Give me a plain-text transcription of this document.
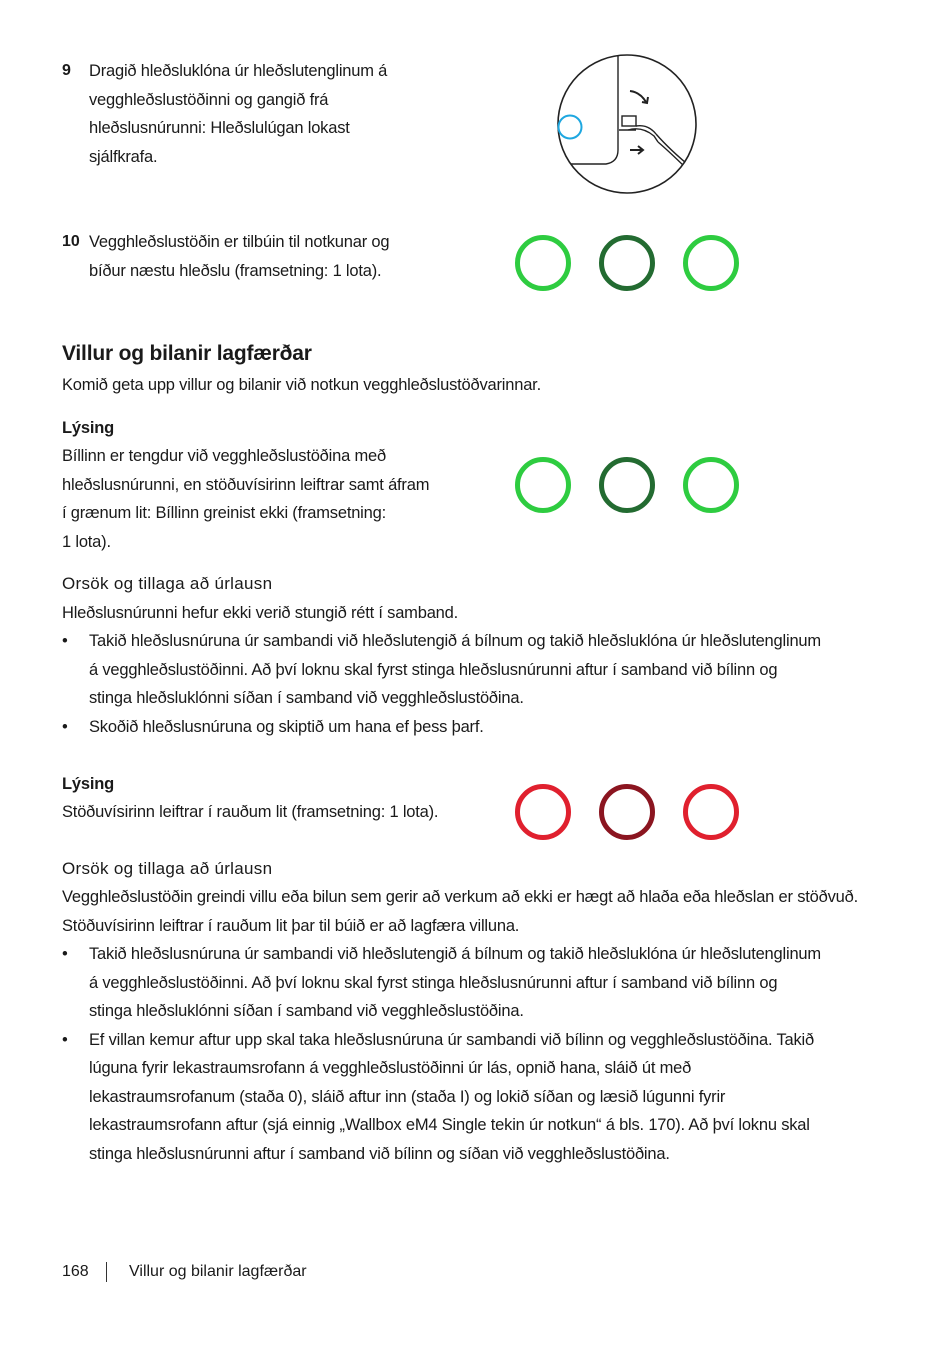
9 Dragið hleðsluklóna úr hleðslutenglinum á vegghleðslustöðinni og gangið frá hleðslusnúrunni: Hleðslulúgan lokast sjálfkrafa.
10 Vegghleðslustöðin er tilbúin til notkunar og bíður næstu hleðslu (framsetning: 1 lota).
Villur og bilanir lagfærðar
Komið geta upp villur og bilanir við notkun vegghleðslustöðvarinnar.
Lýsing
Bíllinn er tengdur við vegghleðslustöðina með
hleðslusnúrunni, en stöðuvísirinn leiftrar samt áfram
í grænum lit: Bíllinn greinist ekki (framsetning:
1 lota).
Orsök og tillaga að úrlausn
Hleðslusnúrunni hefur ekki verið stungið rétt í samband.
• Takið hleðslusnúruna úr sambandi við hleðslutengið á bílnum og takið hleðsluklóna úr hleðslutenglinum á vegghleðslustöðinni. Að því loknu skal fyrst stinga hleðslusnúrunni aftur í samband við bílinn og stinga hleðsluklónni síðan í samband við vegghleðslustöðina.
• Skoðið hleðslusnúruna og skiptið um hana ef þess þarf.
Lýsing
Stöðuvísirinn leiftrar í rauðum lit (framsetning: 1 lota).
Orsök og tillaga að úrlausn
Vegghleðslustöðin greindi villu eða bilun sem gerir að verkum að ekki er hægt að hlaða eða hleðslan er stöðvuð.
Stöðuvísirinn leiftrar í rauðum lit þar til búið er að lagfæra villuna.
• Takið hleðslusnúruna úr sambandi við hleðslutengið á bílnum og takið hleðsluklóna úr hleðslutenglinum á vegghleðslustöðinni. Að því loknu skal fyrst stinga hleðslusnúrunni aftur í samband við bílinn og stinga hleðsluklónni síðan í samband við vegghleðslustöðina.
• Ef villan kemur aftur upp skal taka hleðslusnúruna úr sambandi við bílinn og vegghleðslustöðina. Takið lúguna fyrir lekastraumsrofann á vegghleðslustöðinni úr lás, opnið hana, sláið út með lekastraumsrofanum (staða 0), sláið aftur inn (staða I) og lokið síðan og læsið lúgunni fyrir lekastraumsrofann aftur (sjá einnig „Wallbox eM4 Single tekin úr notkun“ á bls. 170). Að því loknu skal stinga hleðslusnúrunni aftur í samband við bílinn og síðan við vegghleðslustöðina.
168	Villur og bilanir lagfærðar
